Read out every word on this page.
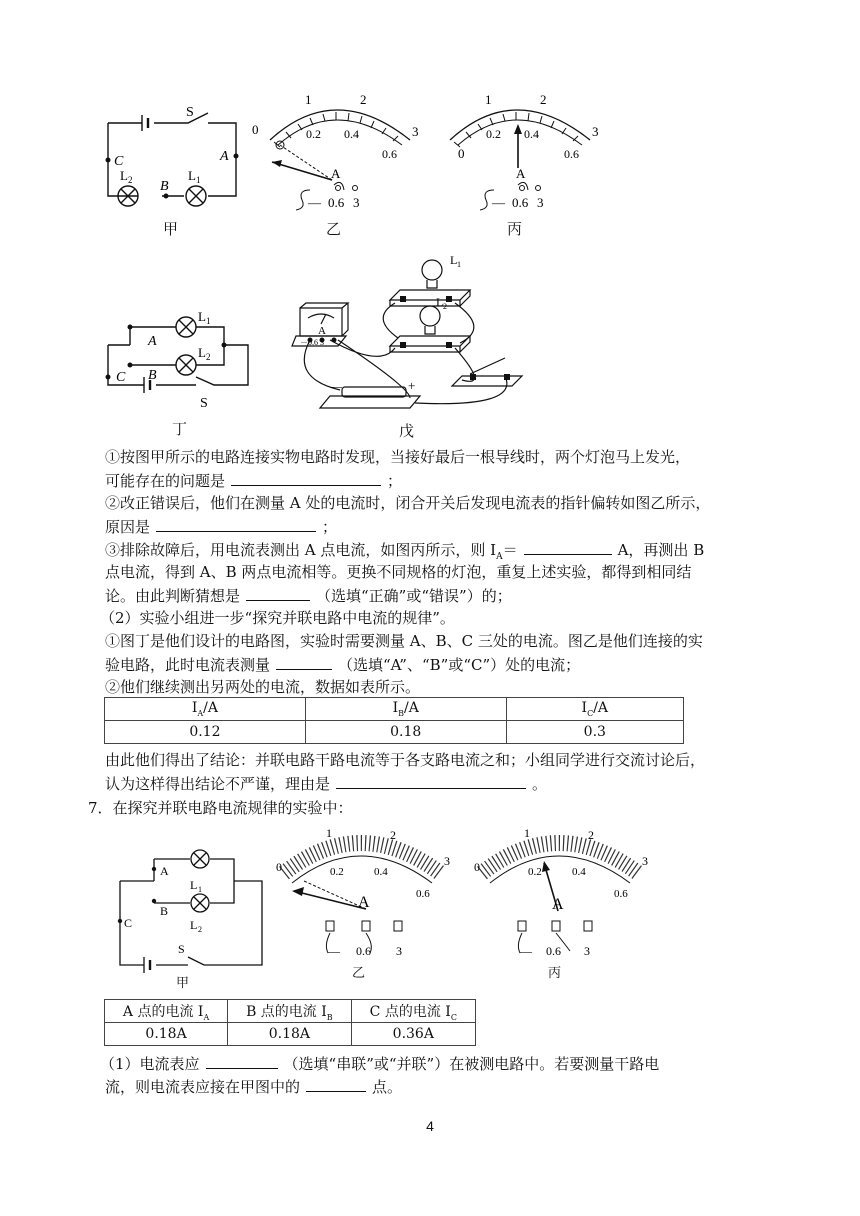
S
C	A
B
L 2	L 1
甲
1	2
3
0	0.2 0.4
0.6
A
— 0.6 3
乙
1	2
3
0
0.2 0.4
0.6
A
— 0.6 3
丙
L 1
L 2
A
B
C
S
丁
L 1
L 2
A
－0.6 3
—	+
戊
①按图甲所示的电路连接实物电路时发现，当接好最后一根导线时，两个灯泡马上发光，
可能存在的问题是	；
②改正错误后，他们在测量 A 处的电流时，闭合开关后发现电流表的指针偏转如图乙所示，
原因是	；
③排除故障后，用电流表测出 A 点电流，如图丙所示，则 $I_A=$	A，再测出 B
点电流，得到 A、B 两点电流相等。更换不同规格的灯泡，重复上述实验，都得到相同结
论。由此判断猜想是	（选填“正确”或“错误”）的；
（2）实验小组进一步“探究并联电路中电流的规律”。
①图丁是他们设计的电路图，实验时需要测量 A、B、C 三处的电流。图乙是他们连接的实
验电路，此时电流表测量	（选填“A”、“B”或“C”）处的电流；
②他们继续测出另两处的电流，数据如表所示。
$I_A/A$	$I_B/A$	$I_C/A$
0.12	0.18	0.3
由此他们得出了结论：并联电路干路电流等于各支路电流之和；小组同学进行交流讨论后，
认为这样得出结论不严谨，理由是	。
7．在探究并联电路电流规律的实验中：
A
B
C
L 1
L 2
S
甲
1	2
3
0	0.2	0.4
0.6
A
— 0.6 3
乙
1	2
3
0	0.2	0.4
0.6
A
— 0.6 3
丙
A 点的电流 $I_A$	B 点的电流 $I_B$	C 点的电流 $I_C$
0.18A	0.18A	0.36A
（1）电流表应	（选填“串联”或“并联”）在被测电路中。若要测量干路电
流，则电流表应接在甲图中的	点。
4
